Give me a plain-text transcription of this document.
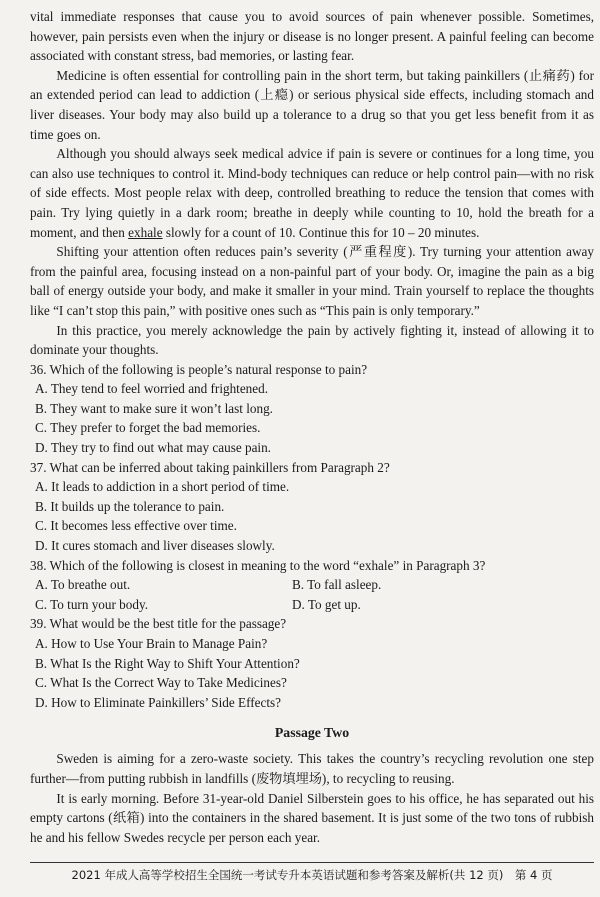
vital immediate responses that cause you to avoid sources of pain whenever possible. Sometimes, however, pain persists even when the injury or disease is no longer present. A painful feeling can become associated with constant stress, bad memories, or lasting fear.

Medicine is often essential for controlling pain in the short term, but taking painkillers (止痛药) for an extended period can lead to addiction (上瘾) or serious physical side effects, including stomach and liver diseases. Your body may also build up a tolerance to a drug so that you get less benefit from it as time goes on.

Although you should always seek medical advice if pain is severe or continues for a long time, you can also use techniques to control it. Mind-body techniques can reduce or help control pain—with no risk of side effects. Most people relax with deep, controlled breathing to reduce the tension that comes with pain. Try lying quietly in a dark room; breathe in deeply while counting to 10, hold the breath for a moment, and then exhale slowly for a count of 10. Continue this for 10 – 20 minutes.

Shifting your attention often reduces pain’s severity (严重程度). Try turning your attention away from the painful area, focusing instead on a non-painful part of your body. Or, imagine the pain as a big ball of energy outside your body, and make it smaller in your mind. Train yourself to replace the thoughts like “I can’t stop this pain,” with positive ones such as “This pain is only temporary.”

In this practice, you merely acknowledge the pain by actively fighting it, instead of allowing it to dominate your thoughts.

36. Which of the following is people’s natural response to pain?
A. They tend to feel worried and frightened.
B. They want to make sure it won’t last long.
C. They prefer to forget the bad memories.
D. They try to find out what may cause pain.
37. What can be inferred about taking painkillers from Paragraph 2?
A. It leads to addiction in a short period of time.
B. It builds up the tolerance to pain.
C. It becomes less effective over time.
D. It cures stomach and liver diseases slowly.
38. Which of the following is closest in meaning to the word “exhale” in Paragraph 3?
A. To breathe out.	B. To fall asleep.
C. To turn your body.	D. To get up.
39. What would be the best title for the passage?
A. How to Use Your Brain to Manage Pain?
B. What Is the Right Way to Shift Your Attention?
C. What Is the Correct Way to Take Medicines?
D. How to Eliminate Painkillers’ Side Effects?
Passage Two

Sweden is aiming for a zero-waste society. This takes the country’s recycling revolution one step further—from putting rubbish in landfills (废物填埋场), to recycling to reusing.

It is early morning. Before 31-year-old Daniel Silberstein goes to his office, he has separated out his empty cartons (纸箱) into the containers in the shared basement. It is just some of the two tons of rubbish he and his fellow Swedes recycle per person each year.

2021 年成人高等学校招生全国统一考试专升本英语试题和参考答案及解析(共 12 页)　第 4 页
